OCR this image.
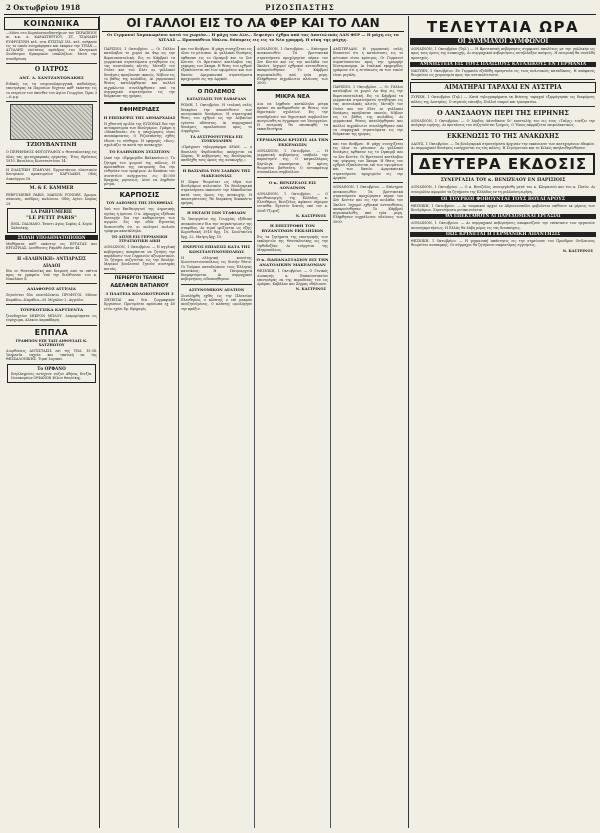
2 Οκτωβρίου 1918	ΡΙΖΟΣΠΑΣΤΗΣ
ΚΟΙΝΩΝΙΚΑ
—Μόνο στο Κοραϊοσπουδαστήριον του ΣΕΡΑΠΕΙΟΥ αι κ.κ. Δ. ΚΑΡΑΣΤΕΡΓΙΟΥ, ΣΤ. ΤΖΑΝΑΚΗ ΕΥΦΡΟΣΥΝΗ κτλ. στα ΕΤΣΙΤΑΣ Ιλλ. κτλ. ανήκουν εις το οποίο ενεγράφησαν και έκαμαν την ΤΙΤΑΝ.—ΑΓΥΑΛΗΣ νεώτατος πρόεδρος του Κεντρικού Συνδέσμου Εμπορικών υπαλλήλων. Μετά την συνεδρίαση.
Ο ΙΑΤΡΟΣ
ΑΝΤ. Δ. ΧΑΝΤΖΑΝΤΩΝΑΚΗΣ
Ειδικός εις τα ωτορινολαρυγγικά, παθολόγος, επιστρέψας εκ Παρισίων δέχεται καθ' εκάστην εις το ιατρείον του όπισθεν του Αγίου Γεωργίου. Ώραι 3—6 μ.μ.
ΤΖΙΟΥΒΑΝΤΙΝΗ
Ο ΠΕΡΙΦΗΜΟΣ ΦΩΤΟΓΡΑΦΟΣ ο Θεσσαλονίκης εις όλας τας φωτογραφικάς εργασίας. Έτος ιδρύσεως 1910. Βασιλέως Κωνσταντίνου 14.
Η ΕΛΑΣΤΙΚΗ ΣΤΑΦΥΛΗ. Εργοστάσιον ελαστικών Κεντρικόν πρακτορείον ΚΑΡΥΔΑΚΗ. Οδός Λυκούργου 18.
Μ. & F. KAMMER
PERFUMERIE PARIS, MAISON FONDEE. Άρωμα, σάπωνες, πούδρες, κολώνιαι. Οδός Αγίου Σοφίας 29.
LA PARFUMERIE
"LE PETIT PARIS"
EMIL. DALMANO. Έναντι Αγίας Σοφίας 4. Κυρία Σαλονίκης.
ΣΧΟΛΗ ΥΠΟΔΗΜΑΤΟΠΟΙΩΝ
Μαθήματα καθ' εκάστην εις ΕΡΓΑΤΑΣ και ΕΡΓΑΤΡΙΑΣ. Διεύθυνσις Ραμάθυ Λατάν 44.
Η «ΕΛΛΗΝΙΚΗ» ΑΝΤΙΔΡΑΣΙΣ
ΔΙΑΔΟΙ
δύο εν Θεσσαλονίκη και διαμονή από τα σπίτια προς τα γραφεία. Υπό την διεύθυνσιν του κ. Νικολάου Χ.
ΑΔΙΑΦΟΡΟΣ ΑΓΓΕΛΙΑ
Ζητούνται δύο νεοσύλλεκτοι ΠΡΟΦΥΓΟΙ. Μόνον Καράδια—Καράδια—Μ. Μίχαλου 2. Αγγελία.
ΤΟΥΡΚΟΤΣΙΚΑ ΚΑΡΤΣΕΝΤΑ
ξενοδοχείον ΜΙΚΡΟΝ ΜΠΛΟΥ. Διαμερίσματα ως ευρύχωρα, Αλέκου Λαμπάδαρη.
ΕΠΠΛΑ
ΓΡΑΦΕΙΟΝ ΕΠΙ ΤΑΙΣ ΑΙΘΟΥΣΑΙΣ Κ. ΧΑΤΖΗΩΤΟΥ
Διορθώσεις ΑΝΤΙΣΤΑΣΙΣ επί της ΤΗΛ. 15-38. Υπηρεσία ταχεία και τακτική εκ της ΘΕΣΣΑΛΟΝΙΚΗΣ. Τιμαί λογικαί.
Το ΟΡΦΑΝΟ
Ενηλλαγμένες αντέχουν σώζον Αθήνας Ευεξία. Νοσοκομείον ΟΡΦΑΝΩΝ Φίλων Θεσ/νίκης.
ΟΙ ΓΑΛΛΟΙ ΕΙΣ ΤΟ ΛΑ ΦΕΡ ΚΑΙ ΤΟ ΛΑΝ
Οι Γερμανοί Χαρακωμένοι κατά το χωριόν... Η μάχη του Αλν... Ξεφεύγει έχθρα από τας Ανατολικάς ΛΑΝ ΦΕΡ — Η μάχη εις τα ΧΙΤΛΑΣ — Προσπάθεια Μπλεκ. δύναμεις εις εις το Νέο γραμμή. Η νίκη της μάχης.
ΠΑΡΙΣΙΟΙ, 1 Οκτωβρίου. — Οι Γάλλοι κατέλαβον το χωριό Λα Φερ εις την Βορειοανατολική. Εις το Κάμβραϊ τα γερμανικά στρατεύματα ηττήθησαν εις τας ανατολικάς κλιτύς. Μεταξύ του Ουίσε και του Ελέτ αι γαλλικαί δυνάμεις προήλασαν ικανώς. Νόβιον εις το βάθος της κοιλάδος. Αι γερμανικαί θέσεις κατελήφθησαν και πολλοί αιχμάλωτοι συνελήφθησαν από τα συμμαχικά στρατεύματα εις την διάρκειαν της ημέρας.
ΕΦΗΜΕΡΙΔΕΣ
Η ΕΠΙΣΚΕΨΙΣ ΤΗΣ ΔΗΜΑΡΧΑΙΑΣ
Η χθεσινή ομιλία της ΕΥΖΩΝΑΣ δια την αυτοκρατορία των Βουλγάρων. Γράφει η «Μακεδονία» ότι η υποχώρησις είναι αναπόφευκτος. Ο Ριζοσπάστης εχθές έδωσε το σύνθημα. Η εφημερίς «Φως» σχολιάζει τα κατά την ανακωχήν.
ΤΟ ΕΛΛΗΝΙΚΟΝ ΣΥΣΣΙΤΙΟΝ
(Από την «Εφημερίδα Βαλκανίων»). Το ζήτημα του ψωμιού της πόλεως. Η προσπάθεια της επιτροπής δια την ευθηνίαν των τροφίμων. Αι δαπάναι του συσσιτίου ανέρχονται εις 40.000 δραχμάς μηνιαίως. Δέον να ληφθούν μέτρα.
ΚΑΡΠΟΣΙΣ
ΤΟΥ ΛΑΕΟΜΟΣ ΤΗΣ ΣΥΝΗΘΕΙΑΣ
Υπό του Επιθεωρητού της Δημοτικής υγείας η έρευνα. Ο κ. Δήμαρχος εξέδωκε διαταγήν δια την καθαριότητα των αγορών. Εις την οδόν Εγνατίας διεπιστώθη ότι οι πωληταί πωλούν τρόφιμα ακατάλληλα.
ΤΟ ΔΙΣΥΠ ΕΙΣ ΓΕΡΜΑΝΙΚΗ ΣΤΡΑΤΙΩΤΙΚΗ ΔΙΚΗ
ΛΟΝΔΙΝΟΝ, 1 Οκτωβρίου. — Η αγγλική κυβέρνησις απεφάσισε να ζητήση την παράδοσιν των Γερμανών αξιωματικών. Το ζήτημα συζητείται εις την Βουλήν. Μερικοί βουλευταί ζητούν αυστηράς ποινάς.
ΠΕΡΙΕΡΓΟΙ ΤΕΛΙΚΗΣ
ΑΔΕΛΦΩΝ ΒΑΤΙΑΝΟΥ
3 ΠΛΑΤΕΙΑ ΚΟΛΟΚΟΤΡΩΝΗ 3
ΖΗΤΕΙΤΑΙ και διά ζωγραφικόν Εργασίαν. Προτιμάται πρόσωπα εχ 40 ετών εχάει δρ. Εφημερίς.
και του Βούβρεν. Η μάχη συνεχίζεται εις όλον το μέτωπον. Αι γαλλικαί δυνάμεις έφθασαν εις το Ωμπεριβ και το Σεν Κεντέν. Οι Βρεττανοί κατέλαβον τας γέφυρας του Σκαρπ. Η θέσις του εχθρού εξαπλώνεται επί των υψωμάτων και των δασών. Αμερικανικά στρατεύματα προχωρούν εις την Αργκόν.
Ο ΠΟΛΕΜΟΣ
ΚΑΤΑΣΤΑΣΙΣ ΤΟΥ ΕΑΒΑΡΔΑΝ
ΡΩΜΗ, 1 Οκτωβρίου. Η ιταλική σελίς διακρίνει την αποσύνθεσιν των αυστριακών δυνάμεων. Η στρατηγική θέσις του εχθρού εις την Αλβανίαν εγένετο αδύνατος. Αι συμμαχικαί δυνάμεις προελαύνουν προς το Δυρράχιον.
ΤΑ ΑΥΣΤΡΟΟΥΓΓΡΙΚΑ ΕΙΣ ΣΤΟΚΧΟΛΜΗΝ
«Πράγματι τηλεγράφημα ΔΡΑΜ. — ο Βασιλεύς Φερδινάνδος απέρχεται εκ Σόφιας. Η κυβέρνησις της Βουλγαρίας απεδέχθη τους όρους της ανακωχής.»
Η ΒΑΣΙΛΕΙΑ ΤΟΝ ΣΛΑΒΩΝ ΤΗΣ ΜΑΚΕΔΟΝΙΑΣ
Η Σόφια θεωρείται ως έδρα των Βουλγάρων πολιτικών. Τα Βουλγαρικά στρατεύματα εκκενούν την Μακεδονίαν κατά τους όρους της ανακωχής. Η αποστράτευσις θα διαρκέση δεκαπέντε ημέρας.
Η ΕΚΤΑΓΗ ΤΩΝ ΣΤΑΦΙΔΩΝ
Το Υπουργείον της Γεωργίας εξέδωκε ανακοίνωσιν δια την συγκέντρωσιν της σταφίδος. Αι τιμαί ορίζονται ως εξής: Κορινθιακή 1918 δρχ. 18, Σουλτανίνα δρχ. 22, Μαύρη δρχ. 15.
ΕΝΕΡΓΟΣ ΕΠΙΔΕΣΙΣ ΚΑΤΑ ΤΗΣ ΚΩΝΣΤΑΝΤΙΝΟΥΠΟΛΕΩΣ
Η ελληνική κοινότης Κωνσταντινουπόλεως εις δεινήν θέσιν. Οι Τούρκοι καταδιώκουν τους Έλληνας κατοίκους. Η Πατριαρχεία διαμαρτύρεται. Αι συμμαχικαί κυβερνήσεις ειδοποιήθησαν.
ΑΣΤΥΝΟΜΙΚΟΝ ΔΕΛΤΙΟΝ
Συνελήφθη εχθές εις την Πλατείαν Ελευθερίας ο κλέπτης ο επί μακρόν αναζητούμενος. Ο κλέπτης ωμολόγησε την πράξιν.
ΛΟΝΔΙΝΟΝ, 1 Οκτωβρίου. — Επίσημον ανακοινωθέν: Τα βρεττανικά στρατεύματα προχώρησαν πέραν του Σεν Κεντέν και εις την κοιλάδα του Σκελντ. Ισχυροί εχθρικαί αντεπιθέσεις απεκρούσθησαν. Το Κάμβραϊ περιεκυκλώθη από τρία μέρη. Ελήφθησαν αιχμάλωτοι πλείονες των 3000.
ΜΙΚΡΑ ΝΕΑ
Δια να ληφθούν κατάλληλα μέτρα πρέπει να καθορισθούν αι θέσεις των δημοτικών σχολείων. Εις την συνεδρίασιν του δημοτικού συμβουλίου ανεγνώσθη το έγγραφον του Υπουργείου. Η επιτροπή θα επισκεφθή τα εκπαιδευτήρια.
ΓΕΡΜΑΝΙΚΑΙ ΚΡΙΣΕΙΣ ΔΙΑ ΤΗΝ ΕΚΚΕΝΩΣΙΝ
ΛΟΝΔΙΝΟΝ, 1 Οκτωβρίου. — Η γερμανική κυβέρνησις υπέβαλε την παραίτησίν της. Ο καγκελλάριος Χέρτλιγκ αποσύρεται. Η κρίσις θεωρείται βαθυτάτη. Ο αυτοκράτωρ συνεκάλεσε συμβούλιον.
Ο κ. ΒΕΝΙΖΕΛΟΣ ΕΙΣ ΛΟΝΔΙΝΟΝ
ΛΟΝΔΙΝΟΝ, 1 Οκτωβρίου. — Ο πρωθυπουργός της Ελλάδος κ. Ελευθέριος Βενιζέλος αφίκετο σήμερον ενταύθα. Εγένετο δεκτός υπό του κ. Λόυδ Τζωρτζ.
Ν. ΚΑΣΤΡΙΝΟΣ
Η ΕΠΙΣΤΡΟΦΗ ΤΟΝ ΒΥΖΑΝΤΙΝΩΝ ΕΚΚΛΗΣΙΩΝ
Εις τα ζητήματα της επιστροφής των εκκλησιών της Θεσσαλονίκης εις την Ορθοδοξίαν. Αι ενέργειαι της Μητροπόλεως.
Ο κ. ΠΑΠΑΝΑΣΤΑΣΙΟΥ ΕΙΣ ΤΗΝ ΑΝΑΤΟΛΙΚΗΝ ΜΑΚΕΔΟΝΙΑΝ
ΘΕΣΝΙΚΗ, 1 Οκτωβρίου. — Ο Γενικός Διοικητής κ. Παπαναστασίου επιστρέψας εκ της περιοδείας του εις Δράμαν, Καβάλαν και Σέρρας εδήλωσεν.
Ν. ΚΑΣΤΡΙΝΟΣ
ΑΜΣΤΕΡΔΑΜ. Η γερμανική σελίς διαπιστοί ότι η κατάστασις εις το μέτωπον είναι κρίσιμος. Οι Γερμανοί συμπτύσσονται προς την γραμμήν Χίντεμπουργκ. Αι Ιταλικαί εφημερίδες γράφουν ότι η εντύπωσις εκ των νικών είναι μεγάλη.
ΠΑΡΙΣΙΟΙ, 1 Οκτωβρίου. — Οι Γάλλοι κατέλαβον το χωριό Λα Φερ εις την Βορειοανατολική. Εις το Κάμβραϊ τα γερμανικά στρατεύματα ηττήθησαν εις τας ανατολικάς κλιτύς. Μεταξύ του Ουίσε και του Ελέτ αι γαλλικαί δυνάμεις προήλασαν ικανώς. Νόβιον εις το βάθος της κοιλάδος. Αι γερμανικαί θέσεις κατελήφθησαν και πολλοί αιχμάλωτοι συνελήφθησαν από τα συμμαχικά στρατεύματα εις την διάρκειαν της ημέρας.
και του Βούβρεν. Η μάχη συνεχίζεται εις όλον το μέτωπον. Αι γαλλικαί δυνάμεις έφθασαν εις το Ωμπεριβ και το Σεν Κεντέν. Οι Βρεττανοί κατέλαβον τας γέφυρας του Σκαρπ. Η θέσις του εχθρού εξαπλώνεται επί των υψωμάτων και των δασών. Αμερικανικά στρατεύματα προχωρούν εις την Αργκόν.
ΛΟΝΔΙΝΟΝ, 1 Οκτωβρίου. — Επίσημον ανακοινωθέν: Τα βρεττανικά στρατεύματα προχώρησαν πέραν του Σεν Κεντέν και εις την κοιλάδα του Σκελντ. Ισχυροί εχθρικαί αντεπιθέσεις απεκρούσθησαν. Το Κάμβραϊ περιεκυκλώθη από τρία μέρη. Ελήφθησαν αιχμάλωτοι πλείονες των 3000.
ΤΕΛΕΥΤΑΙΑ ΩΡΑ
ΟΙ ΣΥΜΜΑΧΟΙ ΣΥΜΦΩΝΟΙ
ΛΟΝΔΙΝΟΝ, 1 Οκτωβρίου (Τηλ.) — Η Βρεττανική κυβέρνησις συμφωνεί απολύτως με την γαλλικήν ως προς τους όρους της ανακωχής. Αι συμμαχικαί κυβερνήσεις αντήλλαξαν απόψεις. Η επιτροπή θα συνέλθη προσεχώς.
ΑΜΝΗΣΤΕΙΑ ΕΙΣ ΤΟΥΣ ΠΛΑΙΣΙΟΥΣ ΚΑΤΑΔΙΚΟΥΣ ΕΝ ΓΕΡΜΑΝΙΑ
ΝΑΟΥΗΝ, 1 Οκτωβρίου. Εν Γερμανία εξεδόθη αμνηστεία εις τους πολιτικούς καταδίκους. Η απόφασις θεωρείται ως χειρονομία προς την αντιπολίτευσιν.
ΑΙΜΑΤΗΡΑΙ ΤΑΡΑΧΑΙ ΕΝ ΑΥΣΤΡΙΑ
ΖΥΡΙΧΗ, 1 Οκτωβρίου (Τηλ.) — Κατά τηλεγραφήματα εκ Βιέννης ταραχαί εξερράγησαν εις διαφόρους πόλεις της Αυστρίας. Ο στρατός επενέβη. Πολλοί νεκροί και τραυματίαι.
Ο ΛΑΝΣΔΑΟΥΝ ΠΕΡΙ ΤΗΣ ΕΙΡΗΝΗΣ
ΛΟΝΔΙΝΟΝ, 1 Οκτωβρίου. — Ο λόρδος Λάνσδαουν δι' επιστολής του εις τους «Ταΐμς» τονίζει την ανάγκην ειρήνης. Αι προτάσεις του συζητούνται ζωηρώς. Ο Τύπος εκφράζεται επιφυλακτικώς.
ΕΚΚΕΝΩΣΙΣ ΤΟ ΤΗΣ ΑΝΑΚΩΧΗΣ
ΛΑΟΥΣ, 1 Οκτωβρίου. — Τα βουλγαρικά στρατεύματα άρχισαν την εκκένωσιν των κατεχομένων εδαφών. Αι συμμαχικαί δυνάμεις εισέρχονται εις τας πόλεις. Η Στρώμνιτσα και το Κιλκίς απηλευθερώθησαν.
ΔΕΥΤΕΡΑ ΕΚΔΟΣΙΣ
ΣΥΝΕΡΓΑΣΙΑ ΤΟΥ κ. ΒΕΝΙΖΕΛΟΥ ΕΝ ΠΑΡΙΣΙΟΙΣ
ΛΟΝΔΙΝΟΝ, 1 Οκτωβρίου. — Ο κ. Βενιζέλος συνειργάσθη μετά του κ. Κλεμανσώ και του κ. Πισόν. Αι συνομιλίαι αφορούν τα ζητήματα της Ελλάδος εν τη μελλούση ειρήνη.
ΟΙ ΤΟΥΡΚΟΙ ΦΟΒΟΥΝΤΑΙ ΤΟΥΣ ΒΟΥΛΓΑΡΟΥΣ
ΘΕΣΝΙΚΗ, 1 Οκτωβρίου. — Αι τουρκικαί αρχαί εν Αδριανουπόλει φοβούνται επίθεσιν εκ μέρους των Βουλγάρων. Στρατεύματα μετακινούνται.
ΘΑ ΕΠΕΚΤΑΘΟΥΝ ΑΙ ΠΑΡΕΧΟΜΕΝΑΙ ΕΡΓΑΣΙΑΙ
ΛΟΝΔΙΝΟΝ, 1 Οκτωβρίου. — Αι συμμαχικαί κυβερνήσεις αποφασίζουν την επέκτασιν των εργασιών ανασυγκροτήσεως. Η Ελλάς θα λάβη μέρος εις τας διασκέψεις.
ΠΩΣ ΚΡΙΝΕΤΑΙ Η ΓΕΡΜΑΝΙΚΗ ΑΠΑΝΤΗΣΙΣ
ΘΕΣΝΙΚΗ, 1 Οκτωβρίου. — Η γερμανική απάντησις εις την σημείωσιν του Προέδρου Ουίλσωνος θεωρείται ανεπαρκής. Οι σύμμαχοι θα ζητήσουν σαφεστέρας εγγυήσεις.
Ν. ΚΑΣΤΡΙΝΟΣ
